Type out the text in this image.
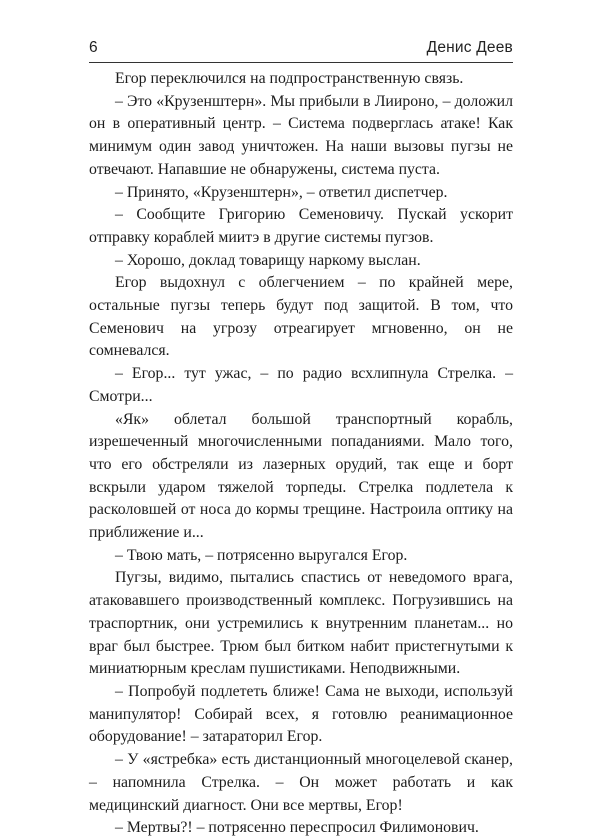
6	Денис Деев

Егор переключился на подпространственную связь.

– Это «Крузенштерн». Мы прибыли в Лиироно, – доложил он в оперативный центр. – Система подверглась атаке! Как минимум один завод уничтожен. На наши вызовы пугзы не отвечают. Напавшие не обнаружены, система пуста.

– Принято, «Крузенштерн», – ответил диспетчер.

– Сообщите Григорию Семеновичу. Пускай ускорит отправку кораблей миитэ в другие системы пугзов.

– Хорошо, доклад товарищу наркому выслан.

Егор выдохнул с облегчением – по крайней мере, остальные пугзы теперь будут под защитой. В том, что Семенович на угрозу отреагирует мгновенно, он не сомневался.

– Егор... тут ужас, – по радио всхлипнула Стрелка. – Смотри...

«Як» облетал большой транспортный корабль, изрешеченный многочисленными попаданиями. Мало того, что его обстреляли из лазерных орудий, так еще и борт вскрыли ударом тяжелой торпеды. Стрелка подлетела к расколовшей от носа до кормы трещине. Настроила оптику на приближение и...

– Твою мать, – потрясенно выругался Егор.

Пугзы, видимо, пытались спастись от неведомого врага, атаковавшего производственный комплекс. Погрузившись на траспортник, они устремились к внутренним планетам... но враг был быстрее. Трюм был битком набит пристегнутыми к миниатюрным креслам пушистиками. Неподвижными.

– Попробуй подлететь ближе! Сама не выходи, используй манипулятор! Собирай всех, я готовлю реанимационное оборудование! – затараторил Егор.

– У «ястребка» есть дистанционный многоцелевой сканер, – напомнила Стрелка. – Он может работать и как медицинский диагност. Они все мертвы, Егор!

– Мертвы?! – потрясенно переспросил Филимонович.
